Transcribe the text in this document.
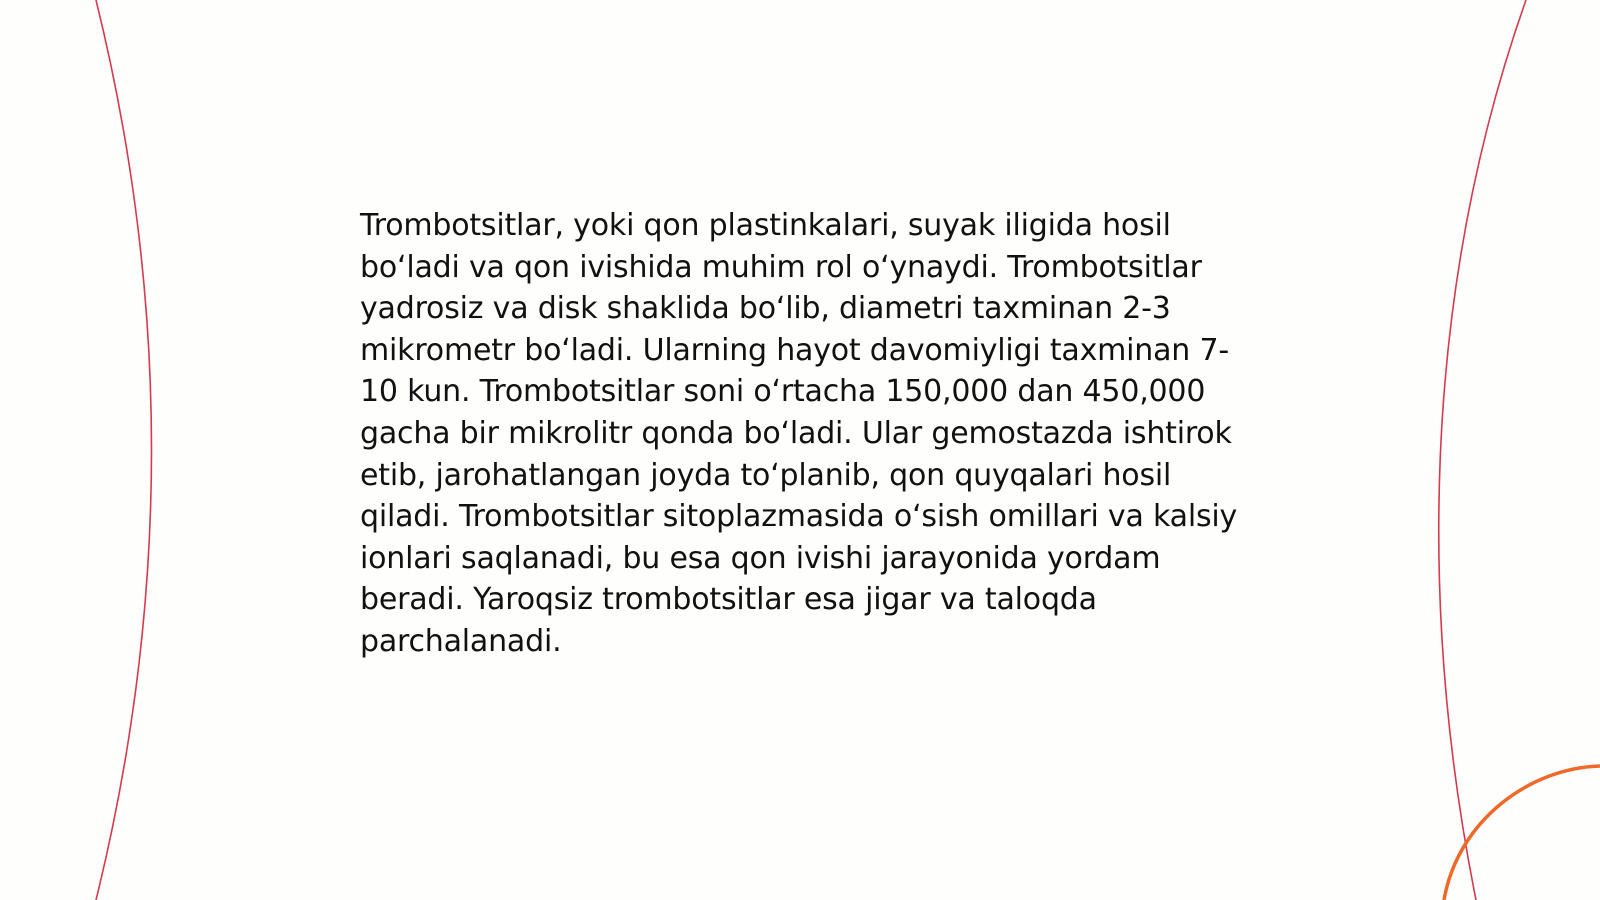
Trombotsitlar, yoki qon plastinkalari, suyak iligida hosil boʻladi va qon ivishida muhim rol oʻynaydi. Trombotsitlar yadrosiz va disk shaklida boʻlib, diametri taxminan 2-3 mikrometr boʻladi. Ularning hayot davomiyligi taxminan 7-10 kun. Trombotsitlar soni oʻrtacha 150,000 dan 450,000 gacha bir mikrolitr qonda boʻladi. Ular gemostazda ishtirok etib, jarohatlangan joyda toʻplanib, qon quyqalari hosil qiladi. Trombotsitlar sitoplazmasida oʻsish omillari va kalsiy ionlari saqlanadi, bu esa qon ivishi jarayonida yordam beradi. Yaroqsiz trombotsitlar esa jigar va taloqda parchalanadi.
